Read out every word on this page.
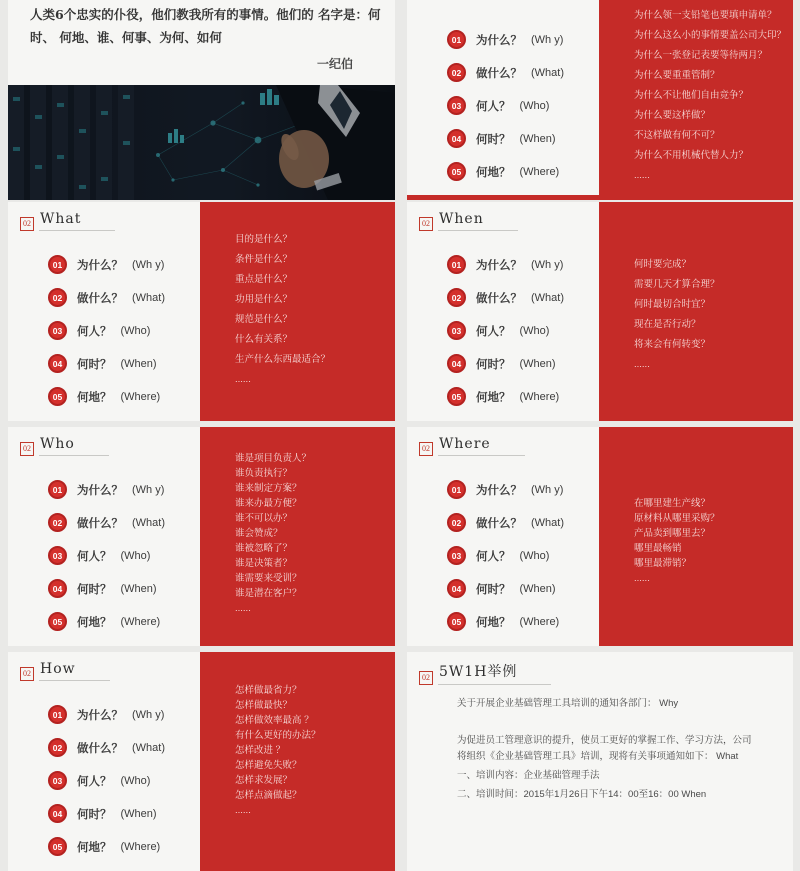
人类6个忠实的仆役，他们教我所有的事情。他们的 名字是：何时、 何地、谁、何事、为何、如何
一纪伯
01	为什么？ (Wh y)
02	做什么？ (What)
03	何人？ (Who)
04	何时？ (When)
05	何地？ (Where)
为什么领一支铅笔也要填申请单？
为什么这么小的事情要盖公司大印？
为什么一张登记表要等待两月？
为什么要重重管制？
为什么不让他们自由竞争？
为什么要这样做？
不这样做有何不可？
为什么不用机械代替人力？
......
02 What
01	为什么？ (Wh y)
02	做什么？ (What)
03	何人？ (Who)
04	何时？ (When)
05	何地？ (Where)
目的是什么？
条件是什么？
重点是什么？
功用是什么？
规范是什么？
什么有关系？
生产什么东西最适合？
......
02 When
01	为什么？ (Wh y)
02	做什么？ (What)
03	何人？ (Who)
04	何时？ (When)
05	何地？ (Where)
何时要完成？
需要几天才算合理？
何时最切合时宜？
现在是否行动？
将来会有何转变？
......
02 Who
01	为什么？ (Wh y)
02	做什么？ (What)
03	何人？ (Who)
04	何时？ (When)
05	何地？ (Where)
谁是项目负责人？
谁负责执行？
谁来制定方案？
谁来办最方便？
谁不可以办？
谁会赞成？
谁被忽略了？
谁是决策者？
谁需要来受训？
谁是潜在客户？
......
02 Where
01	为什么？ (Wh y)
02	做什么？ (What)
03	何人？ (Who)
04	何时？ (When)
05	何地？ (Where)
在哪里建生产线？
原材料从哪里采购？
产品卖到哪里去？
哪里最畅销
哪里最滞销？
......
02 How
01	为什么？ (Wh y)
02	做什么？ (What)
03	何人？ (Who)
04	何时？ (When)
05	何地？ (Where)
怎样做最省力？
怎样做最快？
怎样做效率最高 ？
有什么更好的办法？
怎样改进 ？
怎样避免失败？
怎样求发展？
怎样点滴做起？
......
02 5W1H举例

关于开展企业基础管理工具培训的通知各部门： Why

为促进员工管理意识的提升，使员工更好的掌握工作、学习方法，公司将组织《企业基础管理工具》培训，现将有关事项通知如下： What

一、培训内容：企业基础管理手法

二、培训时间：2015年1月26日下午14：00至16：00 When
